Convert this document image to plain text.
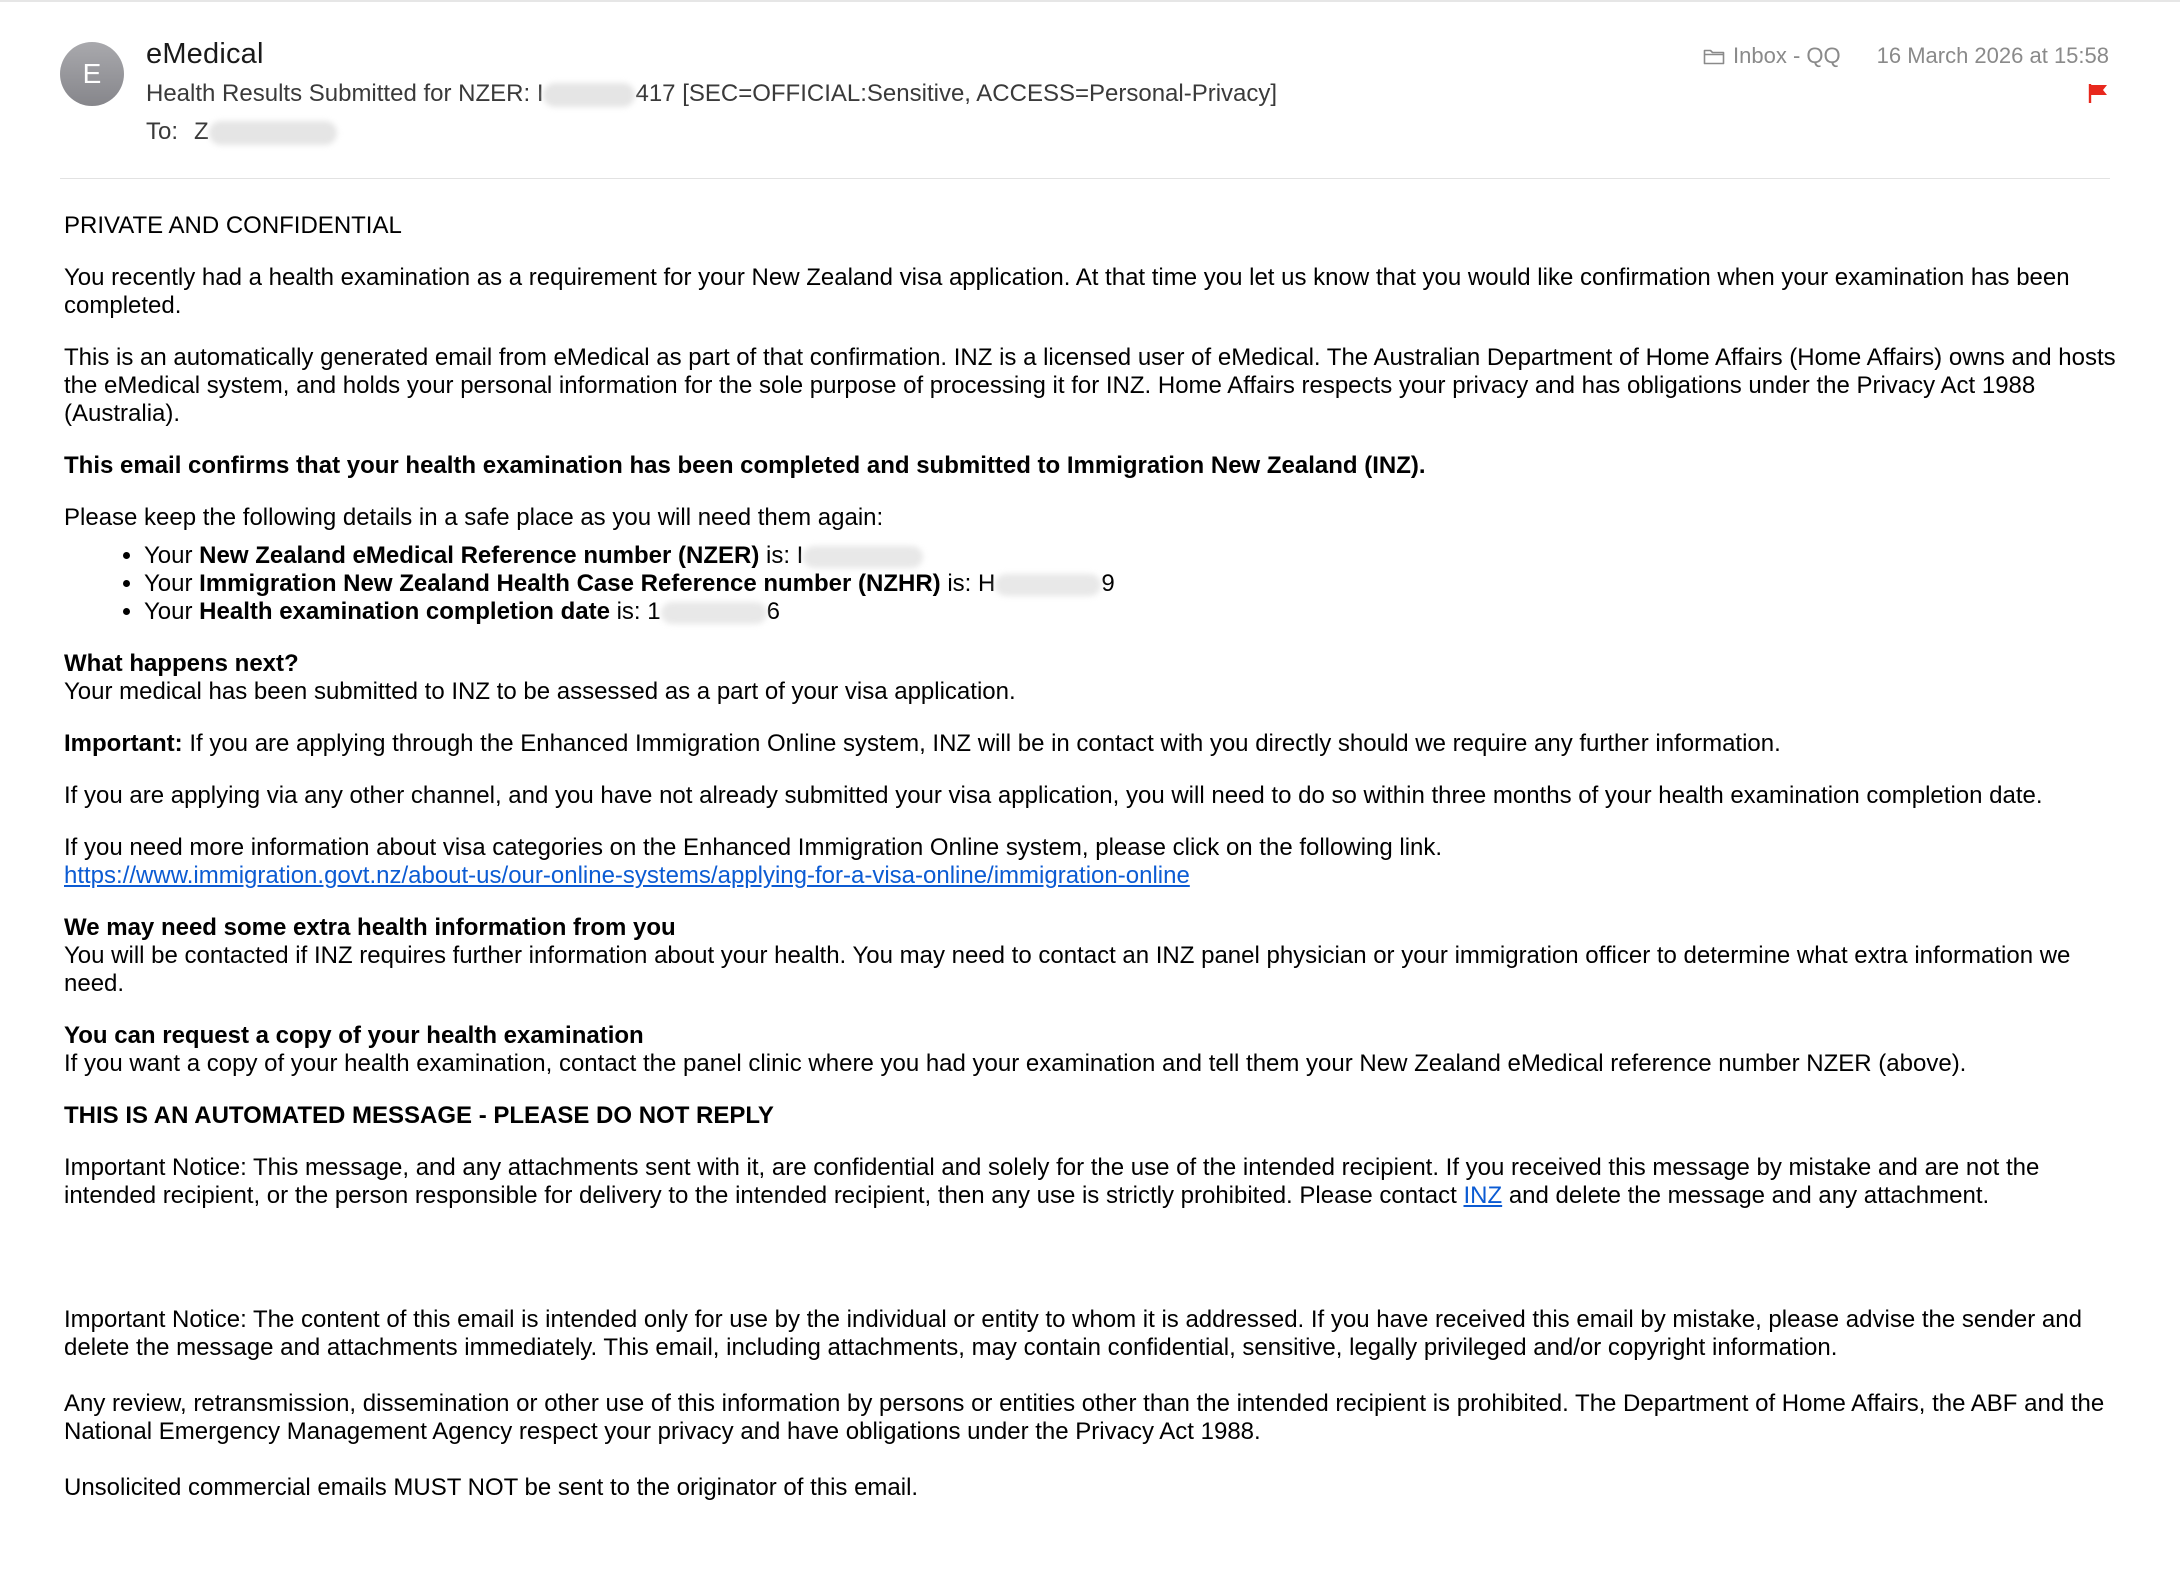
E
eMedical
Health Results Submitted for NZER: I	417 [SEC=OFFICIAL:Sensitive, ACCESS=Personal-Privacy]
To: Z
Inbox - QQ 16 March 2026 at 15:58

PRIVATE AND CONFIDENTIAL

You recently had a health examination as a requirement for your New Zealand visa application. At that time you let us know that you would like confirmation when your examination has been completed.

This is an automatically generated email from eMedical as part of that confirmation. INZ is a licensed user of eMedical. The Australian Department of Home Affairs (Home Affairs) owns and hosts the eMedical system, and holds your personal information for the sole purpose of processing it for INZ. Home Affairs respects your privacy and has obligations under the Privacy Act 1988 (Australia).

This email confirms that your health examination has been completed and submitted to Immigration New Zealand (INZ).

Please keep the following details in a safe place as you will need them again:

• Your New Zealand eMedical Reference number (NZER) is: I
• Your Immigration New Zealand Health Case Reference number (NZHR) is: H	9
• Your Health examination completion date is: 1	6

What happens next?
Your medical has been submitted to INZ to be assessed as a part of your visa application.

Important: If you are applying through the Enhanced Immigration Online system, INZ will be in contact with you directly should we require any further information.

If you are applying via any other channel, and you have not already submitted your visa application, you will need to do so within three months of your health examination completion date.

If you need more information about visa categories on the Enhanced Immigration Online system, please click on the following link.
https://www.immigration.govt.nz/about-us/our-online-systems/applying-for-a-visa-online/immigration-online

We may need some extra health information from you
You will be contacted if INZ requires further information about your health. You may need to contact an INZ panel physician or your immigration officer to determine what extra information we need.

You can request a copy of your health examination
If you want a copy of your health examination, contact the panel clinic where you had your examination and tell them your New Zealand eMedical reference number NZER (above).

THIS IS AN AUTOMATED MESSAGE - PLEASE DO NOT REPLY

Important Notice: This message, and any attachments sent with it, are confidential and solely for the use of the intended recipient. If you received this message by mistake and are not the intended recipient, or the person responsible for delivery to the intended recipient, then any use is strictly prohibited. Please contact INZ and delete the message and any attachment.

Important Notice: The content of this email is intended only for use by the individual or entity to whom it is addressed. If you have received this email by mistake, please advise the sender and delete the message and attachments immediately. This email, including attachments, may contain confidential, sensitive, legally privileged and/or copyright information.

Any review, retransmission, dissemination or other use of this information by persons or entities other than the intended recipient is prohibited. The Department of Home Affairs, the ABF and the National Emergency Management Agency respect your privacy and have obligations under the Privacy Act 1988.

Unsolicited commercial emails MUST NOT be sent to the originator of this email.
